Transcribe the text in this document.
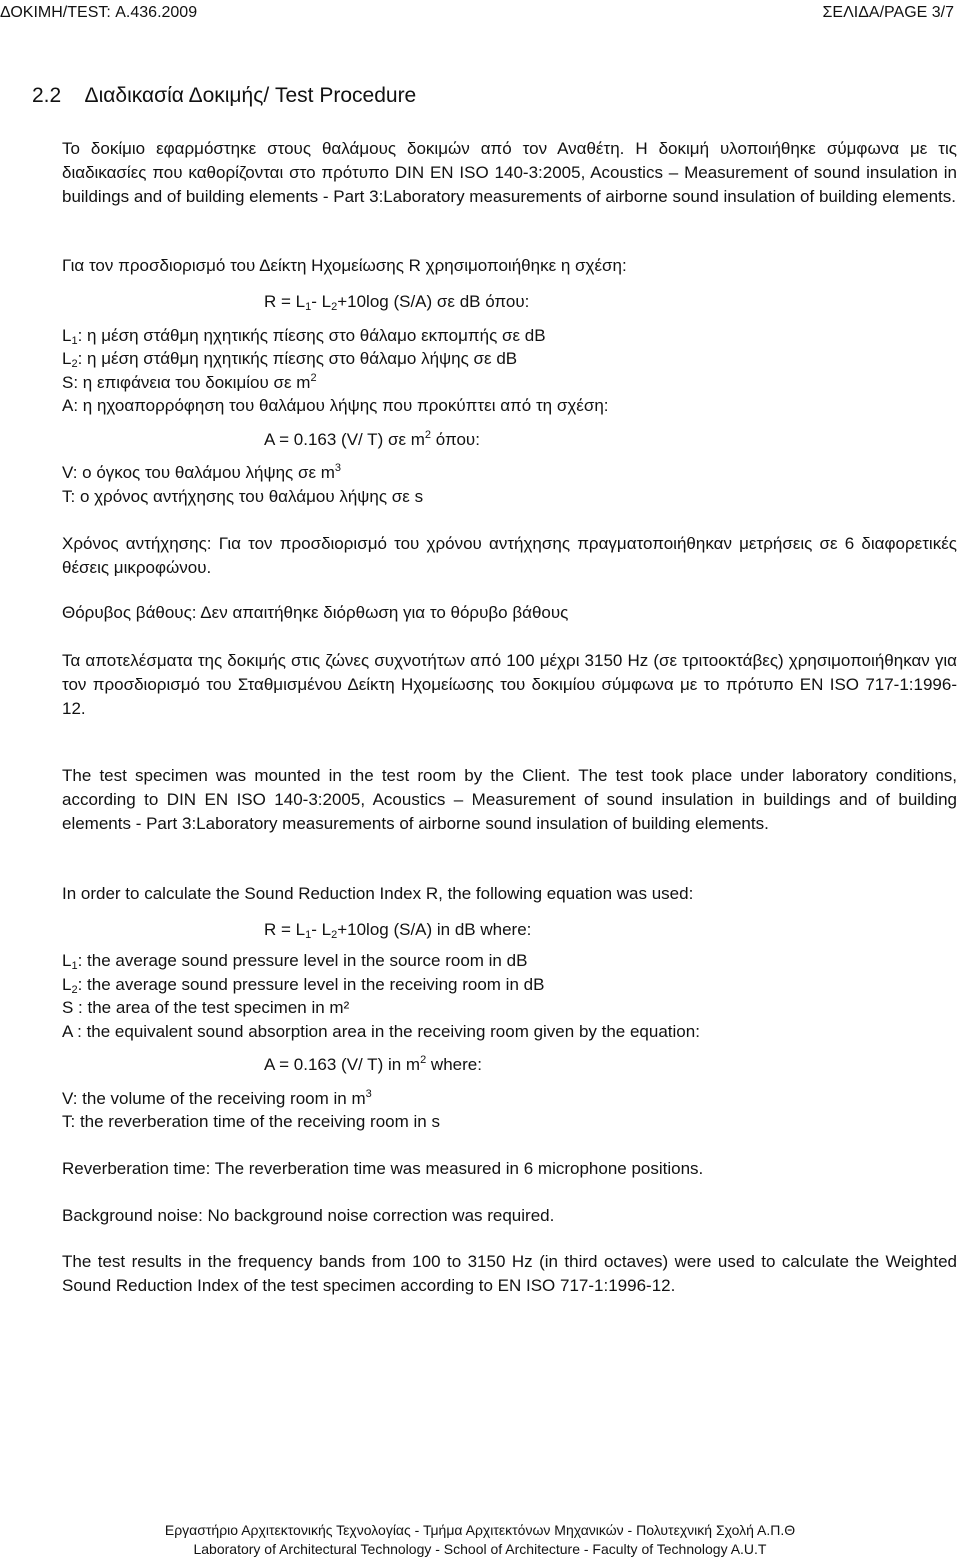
ΔΟΚΙΜΗ/TEST: Α.436.2009	ΣΕΛΙΔΑ/PAGE 3/7
2.2 Διαδικασία Δοκιμής/ Test Procedure
Το δοκίμιο εφαρμόστηκε στους θαλάμους δοκιμών από τον Αναθέτη. Η δοκιμή υλοποιήθηκε σύμφωνα με τις διαδικασίες που καθορίζονται στο πρότυπο DIN EN ISO 140-3:2005, Acoustics – Measurement of sound insulation in buildings and of building elements - Part 3:Laboratory measurements of airborne sound insulation of building elements.
Για τον προσδιορισμό του Δείκτη Ηχομείωσης R χρησιμοποιήθηκε η σχέση:
$R = L_1-$ $L_2+10\log$ (S/A) σε dB όπου:
$L_1$: η μέση στάθμη ηχητικής πίεσης στο θάλαμο εκπομπής σε dB
$L_2$: η μέση στάθμη ηχητικής πίεσης στο θάλαμο λήψης σε dB
S: η επιφάνεια του δοκιμίου σε $m^2$
A: η ηχοαπορρόφηση του θαλάμου λήψης που προκύπτει από τη σχέση:
A = 0.163 (V/ T) σε $m^2$ όπου:
V: ο όγκος του θαλάμου λήψης σε $m^3$
T: ο χρόνος αντήχησης του θαλάμου λήψης σε s
Χρόνος αντήχησης: Για τον προσδιορισμό του χρόνου αντήχησης πραγματοποιήθηκαν μετρήσεις σε 6 διαφορετικές θέσεις μικροφώνου.
Θόρυβος βάθους: Δεν απαιτήθηκε διόρθωση για το θόρυβο βάθους
Τα αποτελέσματα της δοκιμής στις ζώνες συχνοτήτων από 100 μέχρι 3150 Hz (σε τριτοοκτάβες) χρησιμοποιήθηκαν για τον προσδιορισμό του Σταθμισμένου Δείκτη Ηχομείωσης του δοκιμίου σύμφωνα με το πρότυπο EN ISO 717-1:1996-12.
The test specimen was mounted in the test room by the Client. The test took place under laboratory conditions, according to DIN EN ISO 140-3:2005, Acoustics – Measurement of sound insulation in buildings and of building elements - Part 3:Laboratory measurements of airborne sound insulation of building elements.
In order to calculate the Sound Reduction Index R, the following equation was used:
$R = L_1-$ $L_2+10\log$ (S/A) in dB where:
$L_1$: the average sound pressure level in the source room in dB
$L_2$: the average sound pressure level in the receiving room in dB
S : the area of the test specimen in m²
A : the equivalent sound absorption area in the receiving room given by the equation:
A = 0.163 (V/ T) in $m^2$ where:
V: the volume of the receiving room in $m^3$
T: the reverberation time of the receiving room in s
Reverberation time: The reverberation time was measured in 6 microphone positions.
Background noise: No background noise correction was required.
The test results in the frequency bands from 100 to 3150 Hz (in third octaves) were used to calculate the Weighted Sound Reduction Index of the test specimen according to EN ISO 717-1:1996-12.
Εργαστήριο Αρχιτεκτονικής Τεχνολογίας - Τμήμα Αρχιτεκτόνων Μηχανικών - Πολυτεχνική Σχολή Α.Π.Θ
Laboratory of Architectural Technology - School of Architecture - Faculty of Technology A.U.T
